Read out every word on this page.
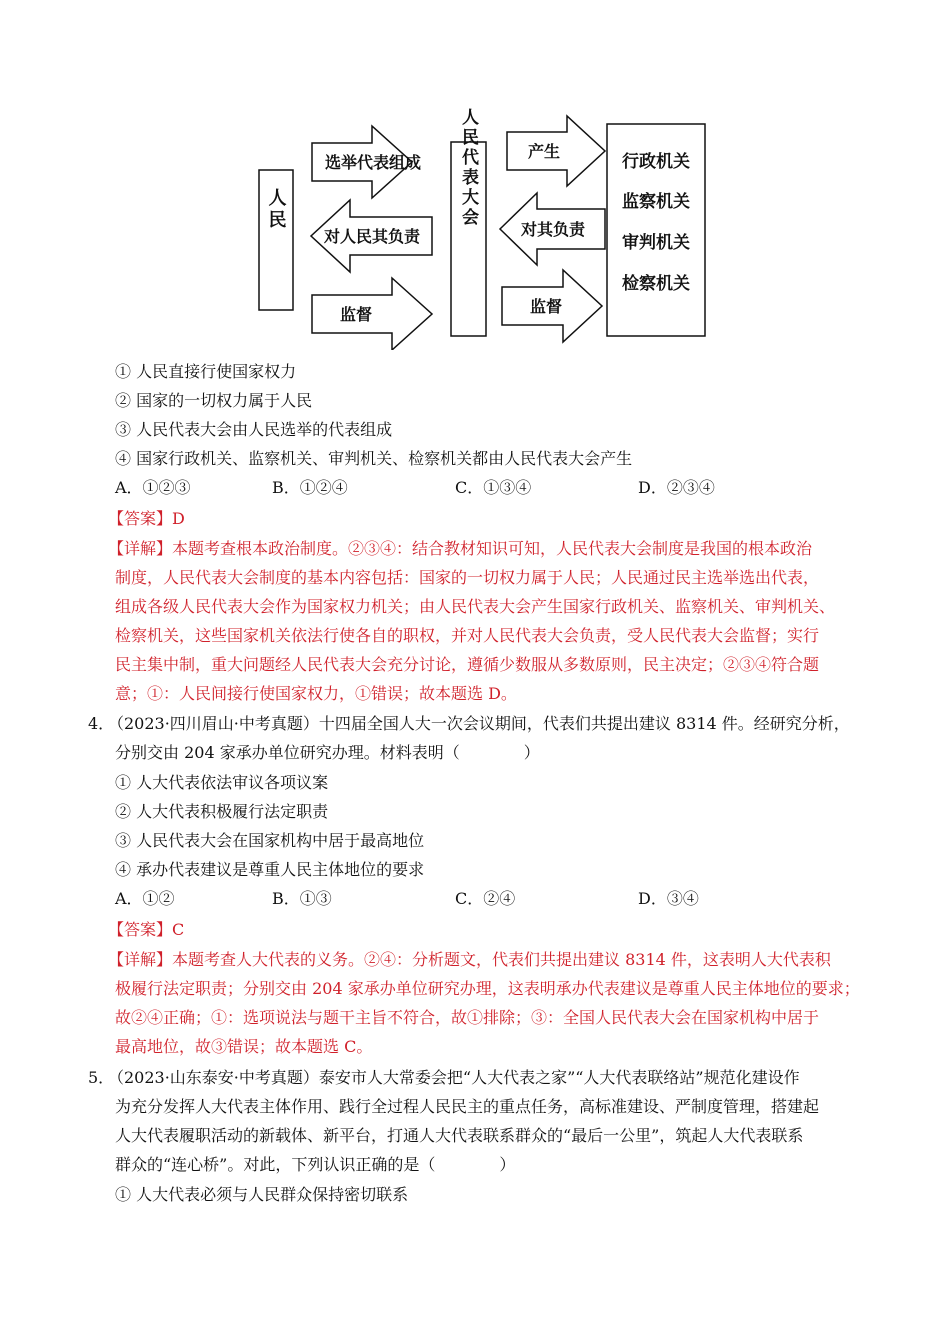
人民
选举代表组成
对人民其负责
监督
人民代表大会	产生
对其负责
监督
行政机关
监察机关
审判机关
检察机关
① 人民直接行使国家权力
② 国家的一切权力属于人民
③ 人民代表大会由人民选举的代表组成
④ 国家行政机关、监察机关、审判机关、检察机关都由人民代表大会产生
A．①②③	B．①②④	C．①③④	D．②③④
【答案】D
【详解】本题考查根本政治制度。②③④：结合教材知识可知，人民代表大会制度是我国的根本政治
制度，人民代表大会制度的基本内容包括：国家的一切权力属于人民；人民通过民主选举选出代表，
组成各级人民代表大会作为国家权力机关；由人民代表大会产生国家行政机关、监察机关、审判机关、
检察机关，这些国家机关依法行使各自的职权，并对人民代表大会负责，受人民代表大会监督；实行
民主集中制，重大问题经人民代表大会充分讨论，遵循少数服从多数原则，民主决定；②③④符合题
意；①：人民间接行使国家权力，①错误；故本题选 D。
4．
（2023·四川眉山·中考真题）十四届全国人大一次会议期间，代表们共提出建议 8314 件。经研究分析，
分别交由 204 家承办单位研究办理。材料表明（　　　　）
① 人大代表依法审议各项议案
② 人大代表积极履行法定职责
③ 人民代表大会在国家机构中居于最高地位
④ 承办代表建议是尊重人民主体地位的要求
A．①②	B．①③	C．②④	D．③④
【答案】C
【详解】本题考查人大代表的义务。②④：分析题文，代表们共提出建议 8314 件，这表明人大代表积
极履行法定职责；分别交由 204 家承办单位研究办理，这表明承办代表建议是尊重人民主体地位的要求；
故②④正确；①：选项说法与题干主旨不符合，故①排除；③：全国人民代表大会在国家机构中居于
最高地位，故③错误；故本题选 C。
5．
（2023·山东泰安·中考真题）泰安市人大常委会把“人大代表之家”“人大代表联络站”规范化建设作
为充分发挥人大代表主体作用、践行全过程人民民主的重点任务，高标准建设、严制度管理，搭建起
人大代表履职活动的新载体、新平台，打通人大代表联系群众的“最后一公里”，筑起人大代表联系
群众的“连心桥”。对此，下列认识正确的是（　　　　）
① 人大代表必须与人民群众保持密切联系
